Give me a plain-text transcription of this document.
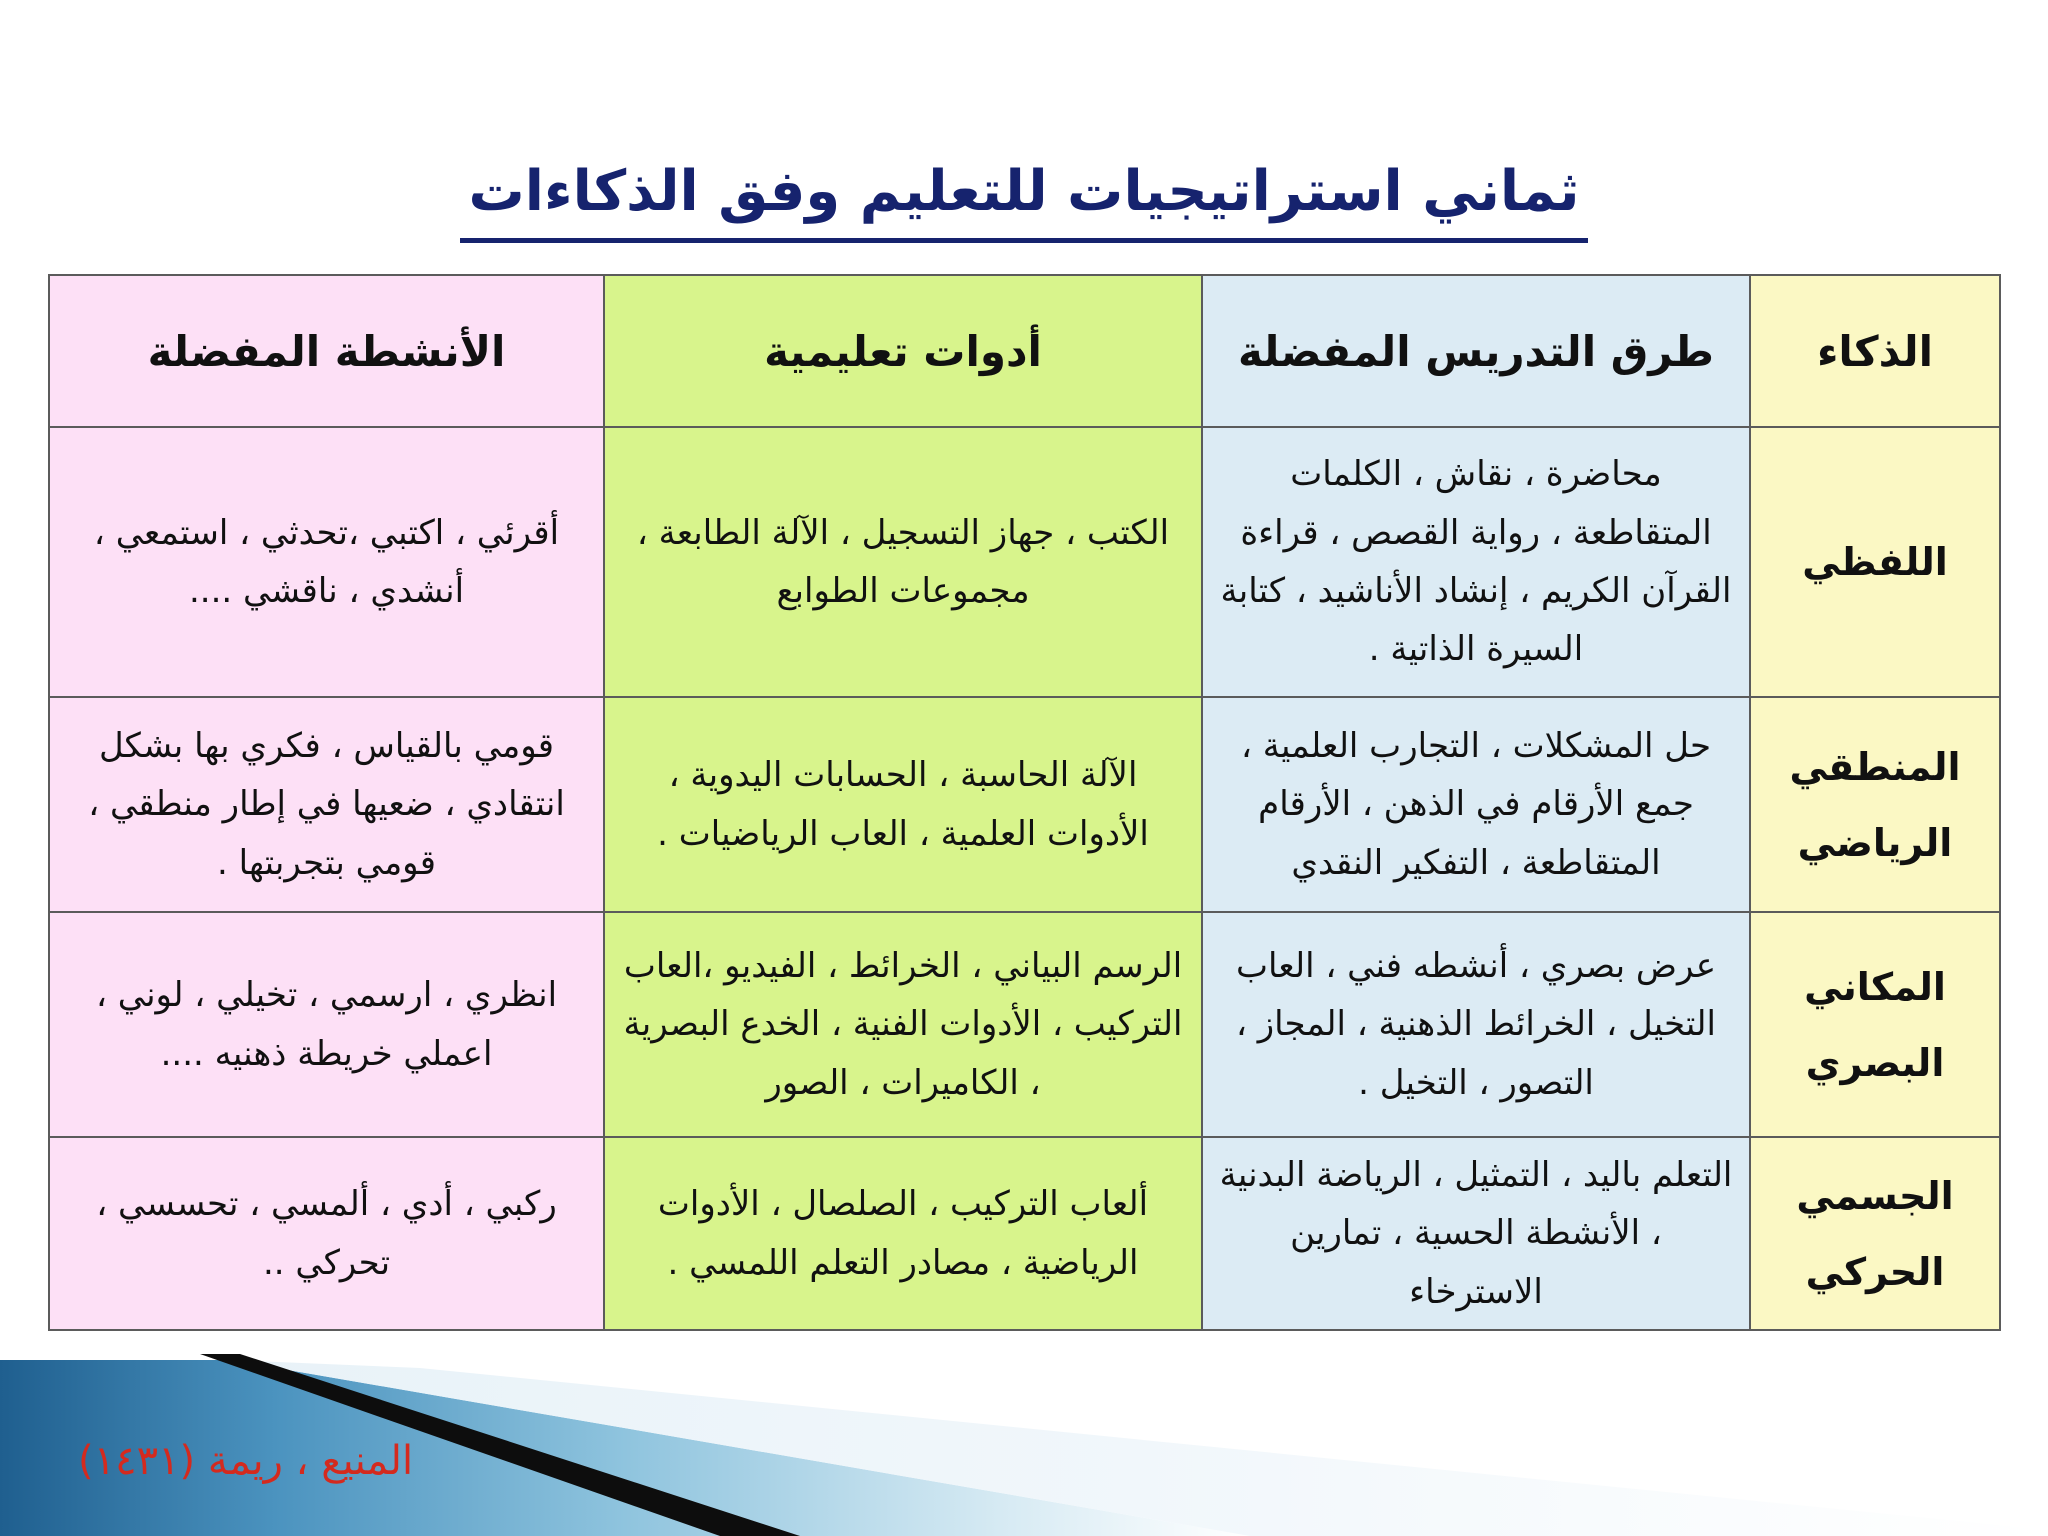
ثماني استراتيجيات للتعليم وفق الذكاءات
الذكاء	طرق التدريس المفضلة	أدوات تعليمية	الأنشطة المفضلة
اللفظي	محاضرة ، نقاش ، الكلمات المتقاطعة ، رواية القصص ، قراءة القرآن الكريم ، إنشاد الأناشيد ، كتابة السيرة الذاتية .	الكتب ، جهاز التسجيل ، الآلة الطابعة ، مجموعات الطوابع	أقرئي ، اكتبي ،تحدثي ، استمعي ، أنشدي ، ناقشي ....
المنطقي الرياضي	حل المشكلات ، التجارب العلمية ، جمع الأرقام في الذهن ، الأرقام المتقاطعة ، التفكير النقدي	الآلة الحاسبة ، الحسابات اليدوية ، الأدوات العلمية ، العاب الرياضيات .	قومي بالقياس ، فكري بها بشكل انتقادي ، ضعيها في إطار منطقي ، قومي بتجربتها .
المكاني البصري	عرض بصري ، أنشطه فني ، العاب التخيل ، الخرائط الذهنية ، المجاز ، التصور ، التخيل .	الرسم البياني ، الخرائط ، الفيديو ،العاب التركيب ، الأدوات الفنية ، الخدع البصرية ، الكاميرات ، الصور	انظري ، ارسمي ، تخيلي ، لوني ، اعملي خريطة ذهنيه ....
الجسمي الحركي	التعلم باليد ، التمثيل ، الرياضة البدنية ، الأنشطة الحسية ، تمارين الاسترخاء	ألعاب التركيب ، الصلصال ، الأدوات الرياضية ، مصادر التعلم اللمسي .	ركبي ، أدي ، ألمسي ، تحسسي ، تحركي ..
المنيع ، ريمة (١٤٣١)
